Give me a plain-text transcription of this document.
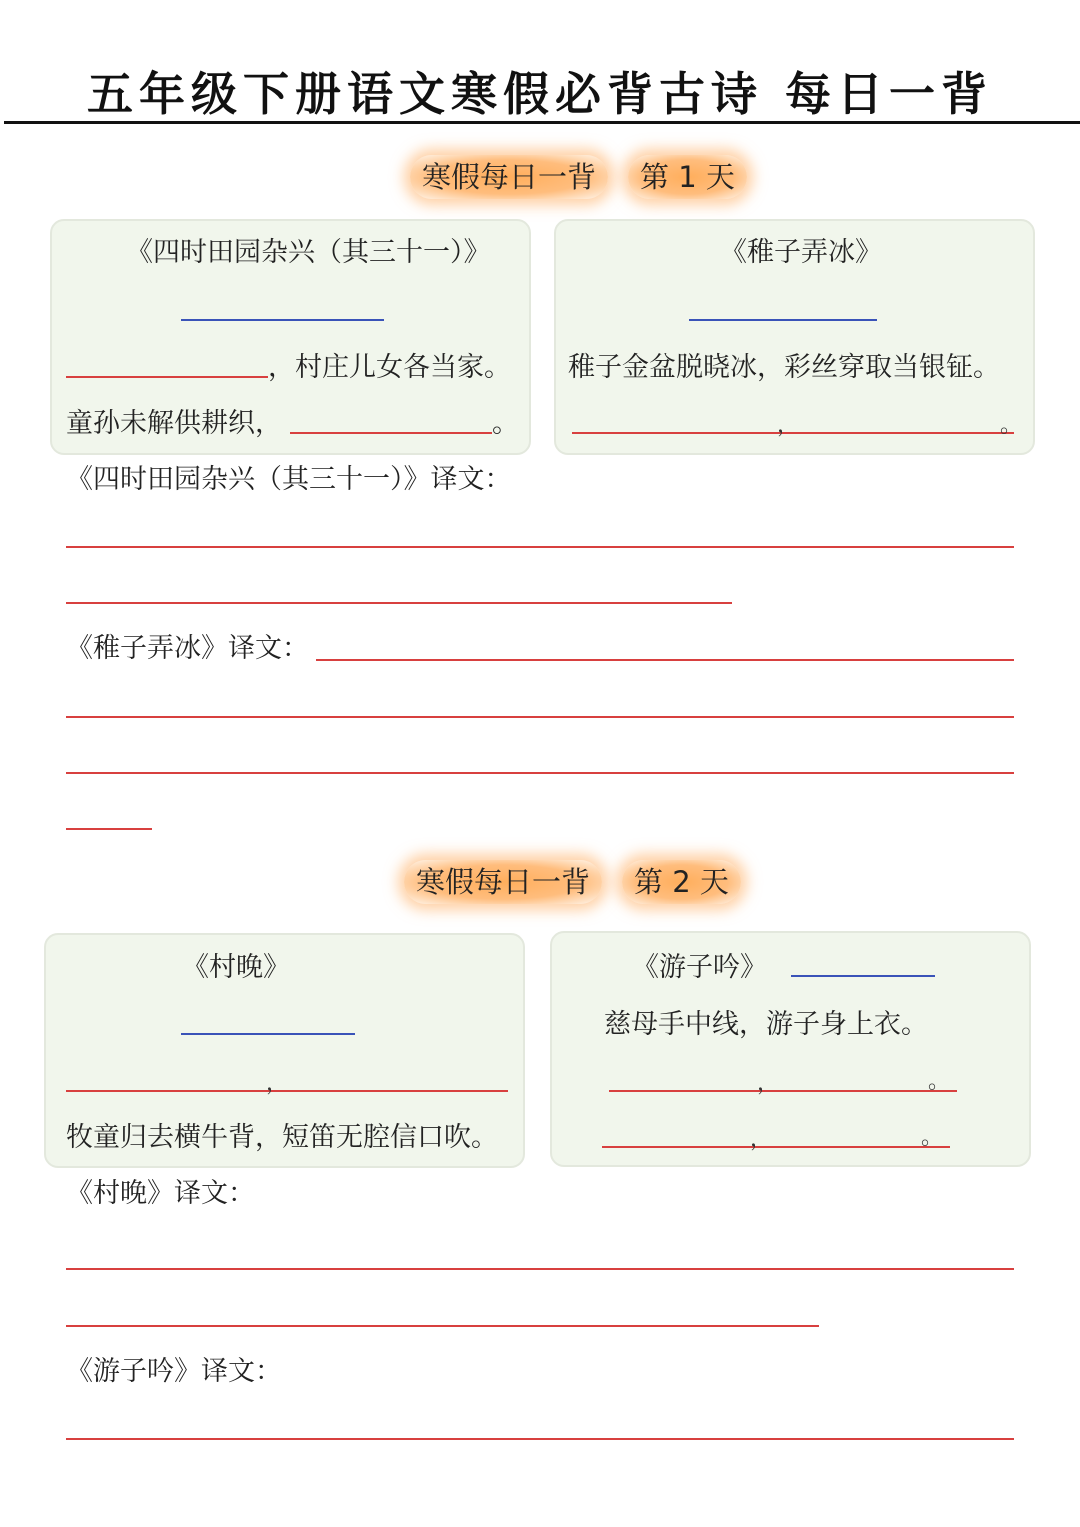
五年级下册语文寒假必背古诗 每日一背
寒假每日一背 第 1 天
《四时田园杂兴（其三十一）》
，村庄儿女各当家。
童孙未解供耕织，	。
《稚子弄冰》
稚子金盆脱晓冰，彩丝穿取当银钲。
，	。
《四时田园杂兴（其三十一）》译文：
《稚子弄冰》译文：
寒假每日一背 第 2 天
《村晚》
，
牧童归去横牛背，短笛无腔信口吹。
《游子吟》
慈母手中线，游子身上衣。
，	。
，	。
《村晚》译文：
《游子吟》译文：
